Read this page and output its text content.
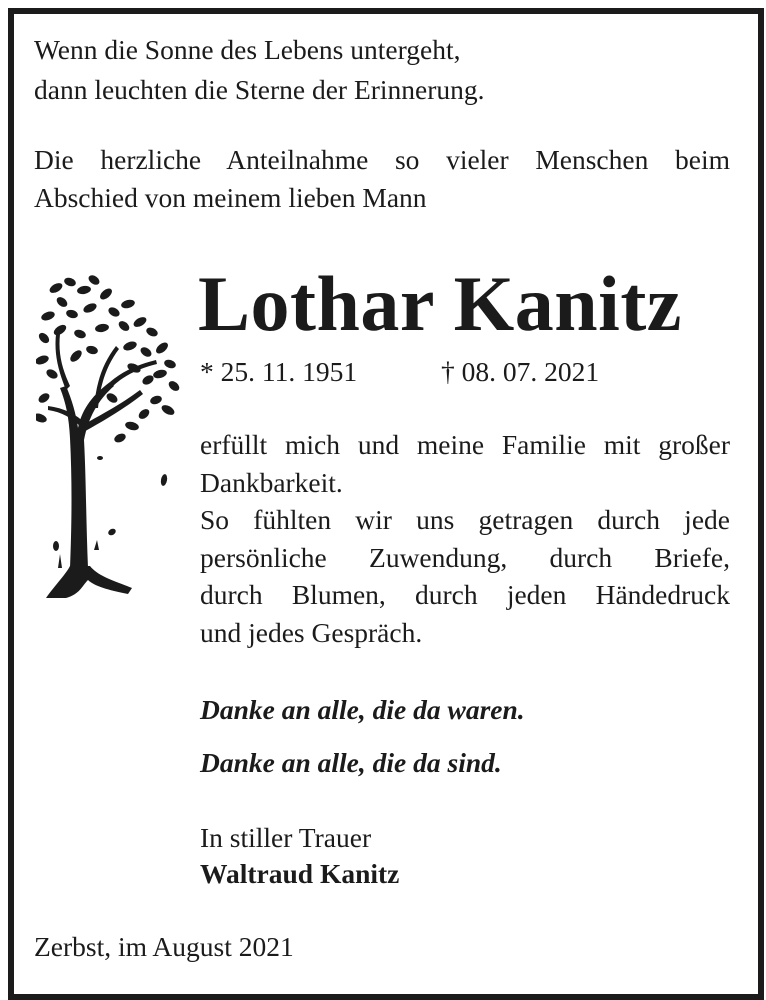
Wenn die Sonne des Lebens untergeht,
dann leuchten die Sterne der Erinnerung.
Die herzliche Anteilnahme so vieler Menschen beim
Abschied von meinem lieben Mann
Lothar Kanitz
* 25. 11. 1951	† 08. 07. 2021
erfüllt mich und meine Familie mit großer
Dankbarkeit.
So fühlten wir uns getragen durch jede
persönliche Zuwendung, durch Briefe,
durch Blumen, durch jeden Händedruck
und jedes Gespräch.
Danke an alle, die da waren.
Danke an alle, die da sind.
In stiller Trauer
Waltraud Kanitz
Zerbst, im August 2021
